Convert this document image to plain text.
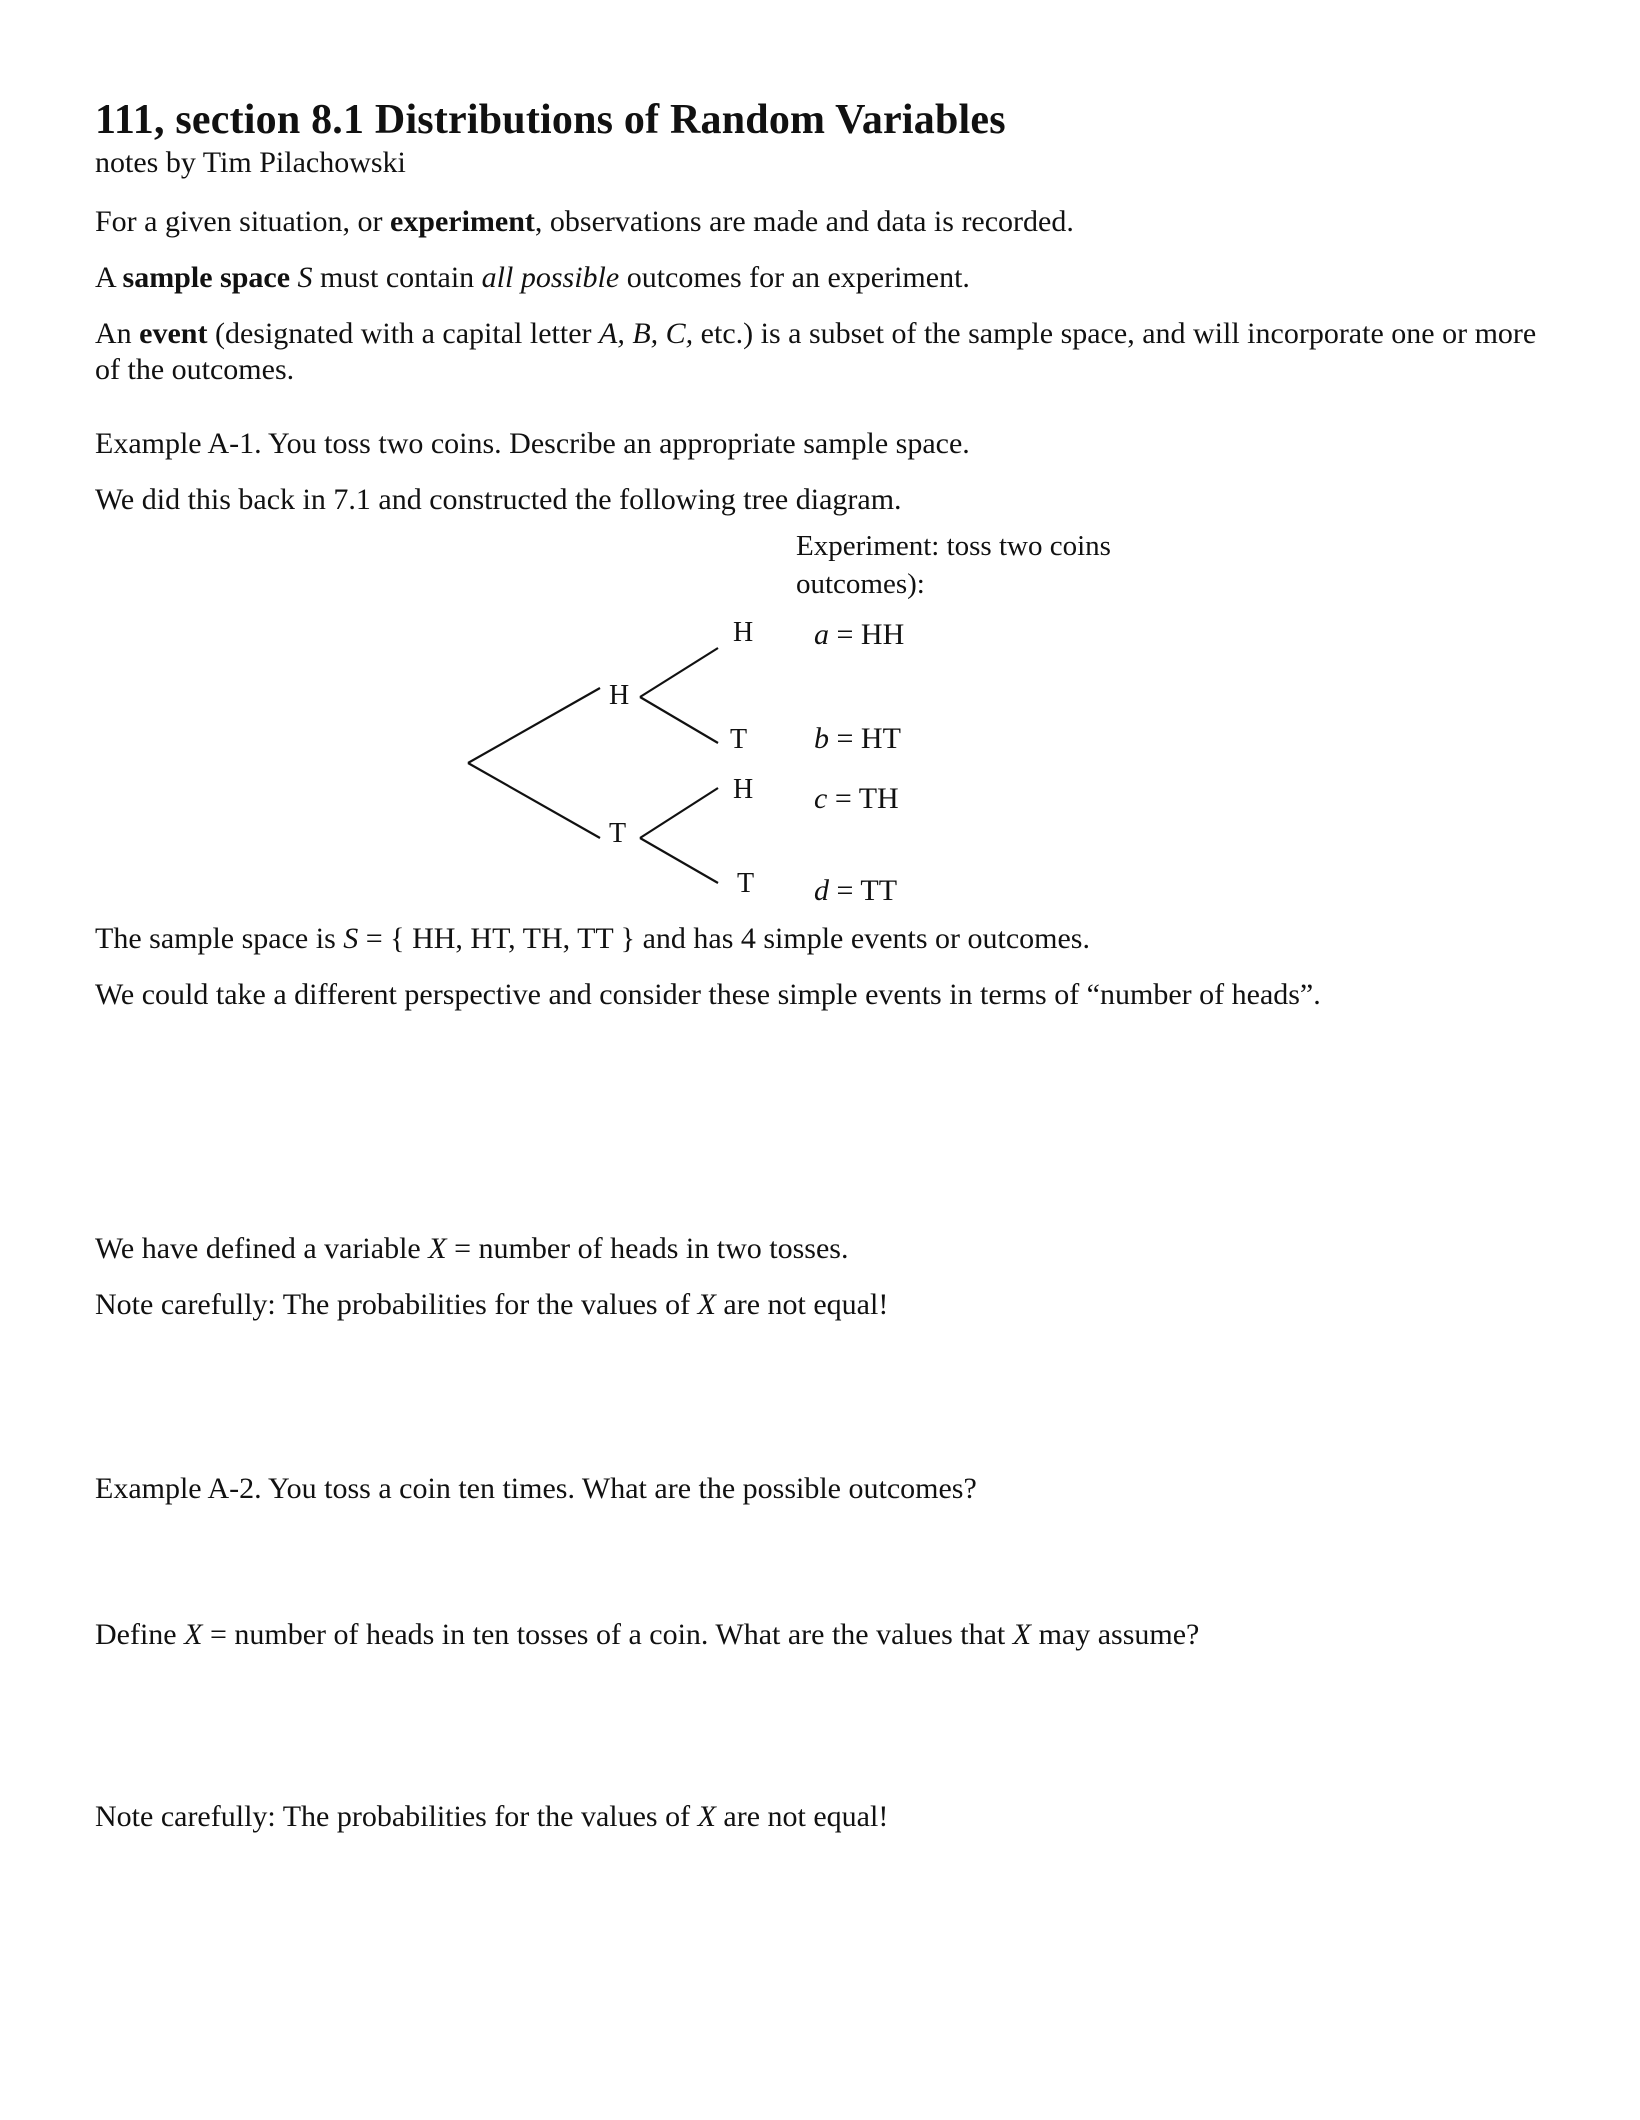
111, section 8.1 Distributions of Random Variables
notes by Tim Pilachowski
For a given situation, or experiment, observations are made and data is recorded.
A sample space S must contain all possible outcomes for an experiment.
An event (designated with a capital letter A, B, C, etc.) is a subset of the sample space, and will incorporate one or more of the outcomes.
Example A-1. You toss two coins. Describe an appropriate sample space.
We did this back in 7.1 and constructed the following tree diagram.
Experiment: toss two coins
outcomes):
H
T
H
T
H
T
a = HH
b = HT
c = TH
d = TT
The sample space is S = { HH, HT, TH, TT } and has 4 simple events or outcomes.
We could take a different perspective and consider these simple events in terms of “number of heads”.
We have defined a variable X = number of heads in two tosses.
Note carefully: The probabilities for the values of X are not equal!
Example A-2. You toss a coin ten times. What are the possible outcomes?
Define X = number of heads in ten tosses of a coin. What are the values that X may assume?
Note carefully: The probabilities for the values of X are not equal!
